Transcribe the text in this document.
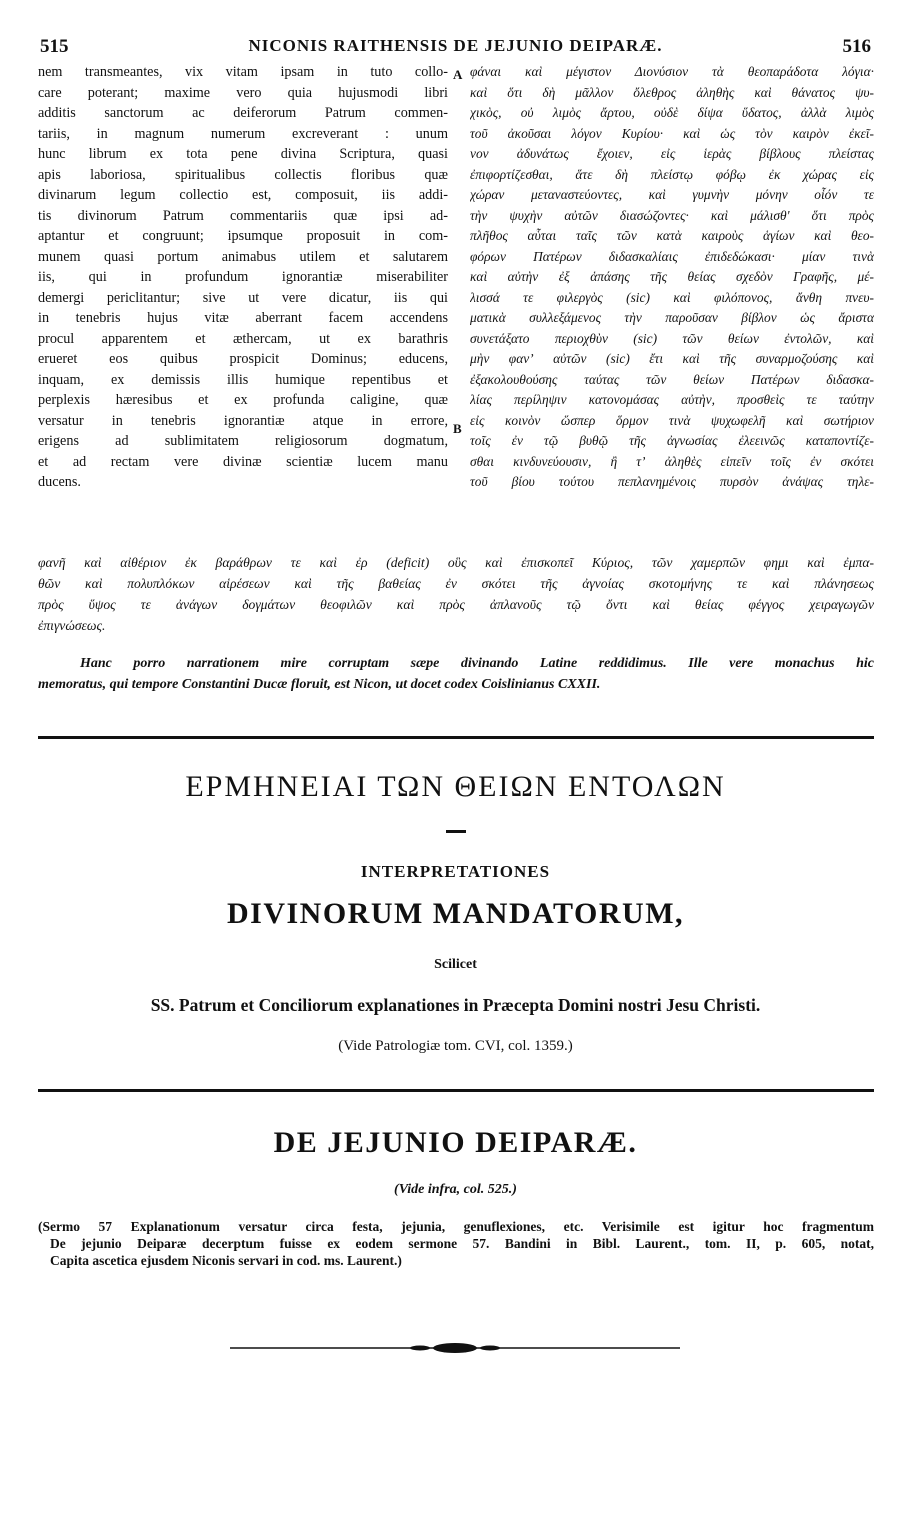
515	NICONIS RAITHENSIS DE JEJUNIO DEIPARÆ.	516
nem transmeantes, vix vitam ipsam in tuto collo-
care poterant; maxime vero quia hujusmodi libri
additis sanctorum ac deiferorum Patrum commen-
tariis, in magnum numerum excreverant : unum
hunc librum ex tota pene divina Scriptura, quasi
apis laboriosa, spiritualibus collectis floribus quæ
divinarum legum collectio est, composuit, iis addi-
tis divinorum Patrum commentariis quæ ipsi ad-
aptantur et congruunt; ipsumque proposuit in com-
munem quasi portum animabus utilem et salutarem
iis, qui in profundum ignorantiæ miserabiliter
demergi periclitantur; sive ut vere dicatur, iis qui
in tenebris hujus vitæ aberrant facem accendens
procul apparentem et æthercam, ut ex barathris
erueret eos quibus prospicit Dominus; educens,
inquam, ex demissis illis humique repentibus et
perplexis hæresibus et ex profunda caligine, quæ
versatur in tenebris ignorantiæ atque in errore,
erigens ad sublimitatem religiosorum dogmatum,
et ad rectam vere divinæ scientiæ lucem manu
ducens.
A
B
φάναι καὶ μέγιστον Διονύσιον τὰ θεοπαράδοτα λόγια·
καὶ ὅτι δὴ μᾶλλον ὄλεθρος ἀληθὴς καὶ θάνατος ψυ-
χικὸς, οὐ λιμὸς ἄρτου, οὐδὲ δίψα ὕδατος, ἀλλὰ λιμὸς
τοῦ ἀκοῦσαι λόγον Κυρίου· καὶ ὡς τὸν καιρὸν ἐκεῖ-
νον ἀδυνάτως ἔχοιεν, εἰς ἱερὰς βίβλους πλείστας
ἐπιφορτίζεσθαι, ἅτε δὴ πλείστῳ φόβῳ ἐκ χώρας εἰς
χώραν μεταναστεύοντες, καὶ γυμνὴν μόνην οἷόν τε
τὴν ψυχὴν αὐτῶν διασώζοντες· καὶ μάλισθ' ὅτι πρὸς
πλῆθος αὗται ταῖς τῶν κατὰ καιροὺς ἁγίων καὶ θεο-
φόρων Πατέρων διδασκαλίαις ἐπιδεδώκασι· μίαν τινὰ
καὶ αὐτὴν ἐξ ἁπάσης τῆς θείας σχεδὸν Γραφῆς, μέ-
λισσά τε φιλεργὸς (sic) καὶ φιλόπονος, ἄνθη πνευ-
ματικὰ συλλεξάμενος τὴν παροῦσαν βίβλον ὡς ἄριστα
συνετάξατο περιοχθὺν (sic) τῶν θείων ἐντολῶν, καὶ
μὴν φανʼ αὐτῶν (sic) ἔτι καὶ τῆς συναρμοζούσης καὶ
ἐξακολουθούσης ταύτας τῶν θείων Πατέρων διδασκα-
λίας περίληψιν κατονομάσας αὐτὴν, προσθεὶς τε ταύτην
εἰς κοινὸν ὥσπερ ὅρμον τινὰ ψυχωφελῆ καὶ σωτήριον
τοῖς ἐν τῷ βυθῷ τῆς ἀγνωσίας ἐλεεινῶς καταποντίζε-
σθαι κινδυνεύουσιν, ἢ τʼ ἀληθὲς εἰπεῖν τοῖς ἐν σκότει
τοῦ βίου τούτου πεπλανημένοις πυρσὸν ἀνάψας τηλε-
φανῆ καὶ αἰθέριον ἐκ βαράθρων τε καὶ ἐρ (deficit) οὓς καὶ ἐπισκοπεῖ Κύριος, τῶν χαμερπῶν φημι καὶ ἐμπα-
θῶν καὶ πολυπλόκων αἱρέσεων καὶ τῆς βαθείας ἐν σκότει τῆς ἀγνοίας σκοτομήνης τε καὶ πλάνησεως
πρὸς ὕψος τε ἀνάγων δογμάτων θεοφιλῶν καὶ πρὸς ἀπλανοῦς τῷ ὄντι καὶ θείας φέγγος χειραγωγῶν
ἐπιγνώσεως.
Hanc porro narrationem mire corruptam sæpe divinando Latine reddidimus. Ille vere monachus hic
memoratus, qui tempore Constantini Ducæ floruit, est Nicon, ut docet codex Coislinianus CXXII.
ΕΡΜΗΝΕΙΑΙ ΤΩΝ ΘΕΙΩΝ ΕΝΤΟΛΩΝ
INTERPRETATIONES
DIVINORUM MANDATORUM,
Scilicet
SS. Patrum et Conciliorum explanationes in Præcepta Domini nostri Jesu Christi.
(Vide Patrologiæ tom. CVI, col. 1359.)
DE JEJUNIO DEIPARÆ.
(Vide infra, col. 525.)
(Sermo 57 Explanationum versatur circa festa, jejunia, genuflexiones, etc. Verisimile est igitur hoc fragmentum
De jejunio Deiparæ decerptum fuisse ex eodem sermone 57. Bandini in Bibl. Laurent., tom. II, p. 605, notat,
Capita ascetica ejusdem Niconis servari in cod. ms. Laurent.)
